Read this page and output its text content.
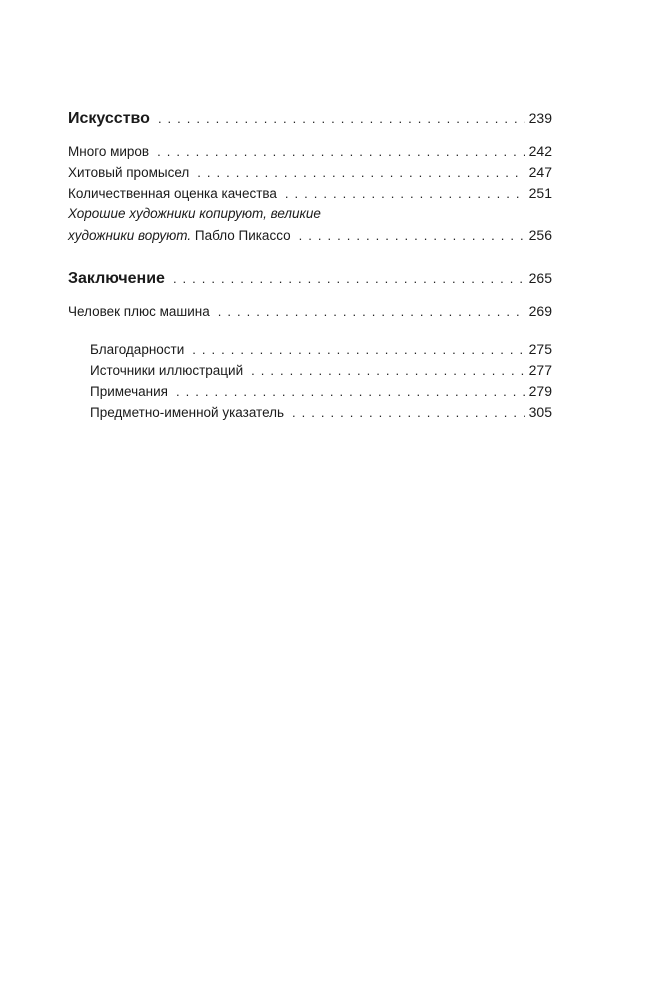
Искусство . . .	239
Много миров . . .	242
Хитовый промысел . . .	247
Количественная оценка качества . . .	251
Хорошие художники копируют, великие
художники воруют. Пабло Пикассо . . .	256
Заключение . . .	265
Человек плюс машина . . .	269
Благодарности . . .	275
Источники иллюстраций . . .	277
Примечания . . .	279
Предметно-именной указатель . . .	305
